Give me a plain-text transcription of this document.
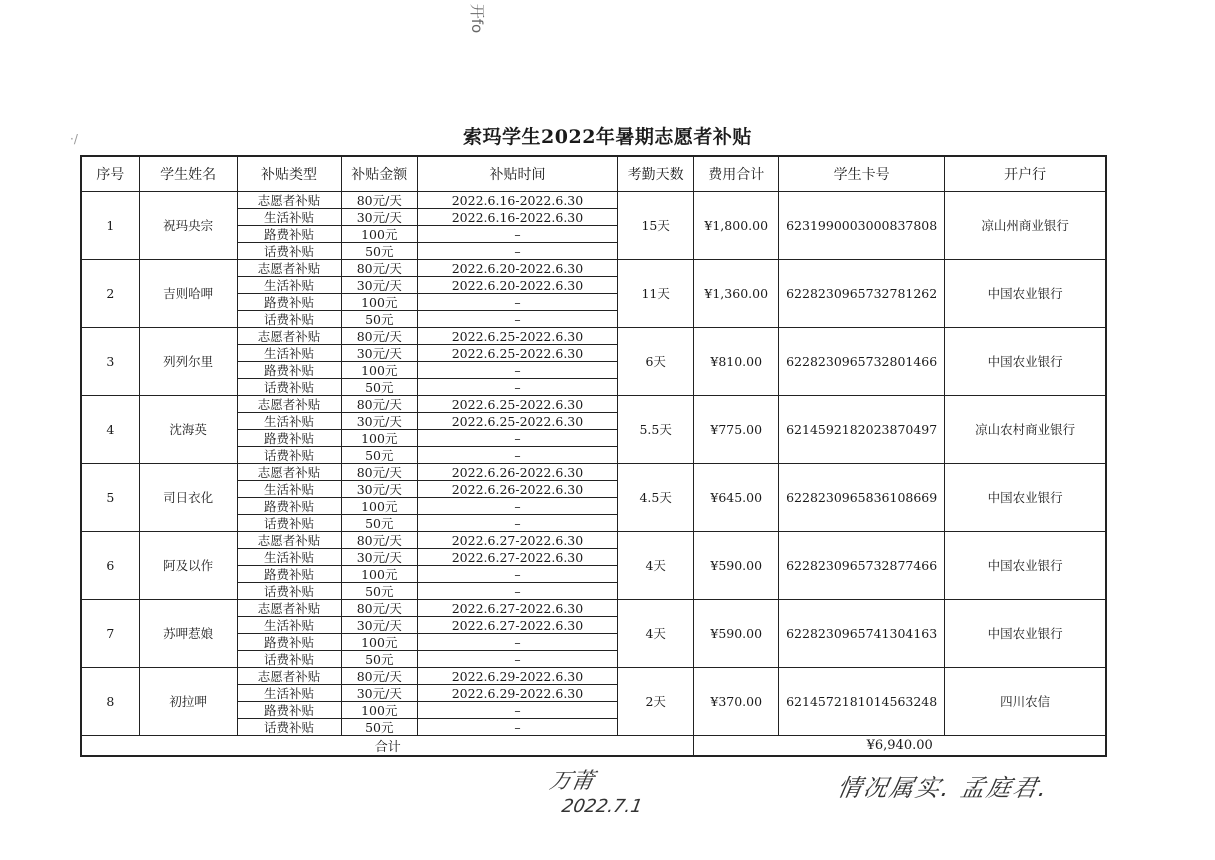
开fo
·/	索玛学生2022年暑期志愿者补贴
序号	学生姓名	补贴类型	补贴金额	补贴时间	考勤天数	费用合计	学生卡号	开户行
1	祝玛央宗	志愿者补贴	80元/天	2022.6.16-2022.6.30	15天	¥1,800.00	6231990003000837808	凉山州商业银行
		生活补贴	30元/天	2022.6.16-2022.6.30				
		路费补贴	100元	–				
		话费补贴	50元	–				
2	吉则哈呷	志愿者补贴	80元/天	2022.6.20-2022.6.30	11天	¥1,360.00	6228230965732781262	中国农业银行
		生活补贴	30元/天	2022.6.20-2022.6.30				
		路费补贴	100元	–				
		话费补贴	50元	–				
3	列列尔里	志愿者补贴	80元/天	2022.6.25-2022.6.30	6天	¥810.00	6228230965732801466	中国农业银行
		生活补贴	30元/天	2022.6.25-2022.6.30				
		路费补贴	100元	–				
		话费补贴	50元	–				
4	沈海英	志愿者补贴	80元/天	2022.6.25-2022.6.30	5.5天	¥775.00	6214592182023870497	凉山农村商业银行
		生活补贴	30元/天	2022.6.25-2022.6.30				
		路费补贴	100元	–				
		话费补贴	50元	–				
5	司日衣化	志愿者补贴	80元/天	2022.6.26-2022.6.30	4.5天	¥645.00	6228230965836108669	中国农业银行
		生活补贴	30元/天	2022.6.26-2022.6.30				
		路费补贴	100元	–				
		话费补贴	50元	–				
6	阿及以作	志愿者补贴	80元/天	2022.6.27-2022.6.30	4天	¥590.00	6228230965732877466	中国农业银行
		生活补贴	30元/天	2022.6.27-2022.6.30				
		路费补贴	100元	–				
		话费补贴	50元	–				
7	苏呷惹娘	志愿者补贴	80元/天	2022.6.27-2022.6.30	4天	¥590.00	6228230965741304163	中国农业银行
		生活补贴	30元/天	2022.6.27-2022.6.30				
		路费补贴	100元	–				
		话费补贴	50元	–				
8	初拉呷	志愿者补贴	80元/天	2022.6.29-2022.6.30	2天	¥370.00	6214572181014563248	四川农信
		生活补贴	30元/天	2022.6.29-2022.6.30				
		路费补贴	100元	–				
		话费补贴	50元	–				
合计						¥6,940.00		
万莆
2022.7.1
情况属实. 孟庭君.
